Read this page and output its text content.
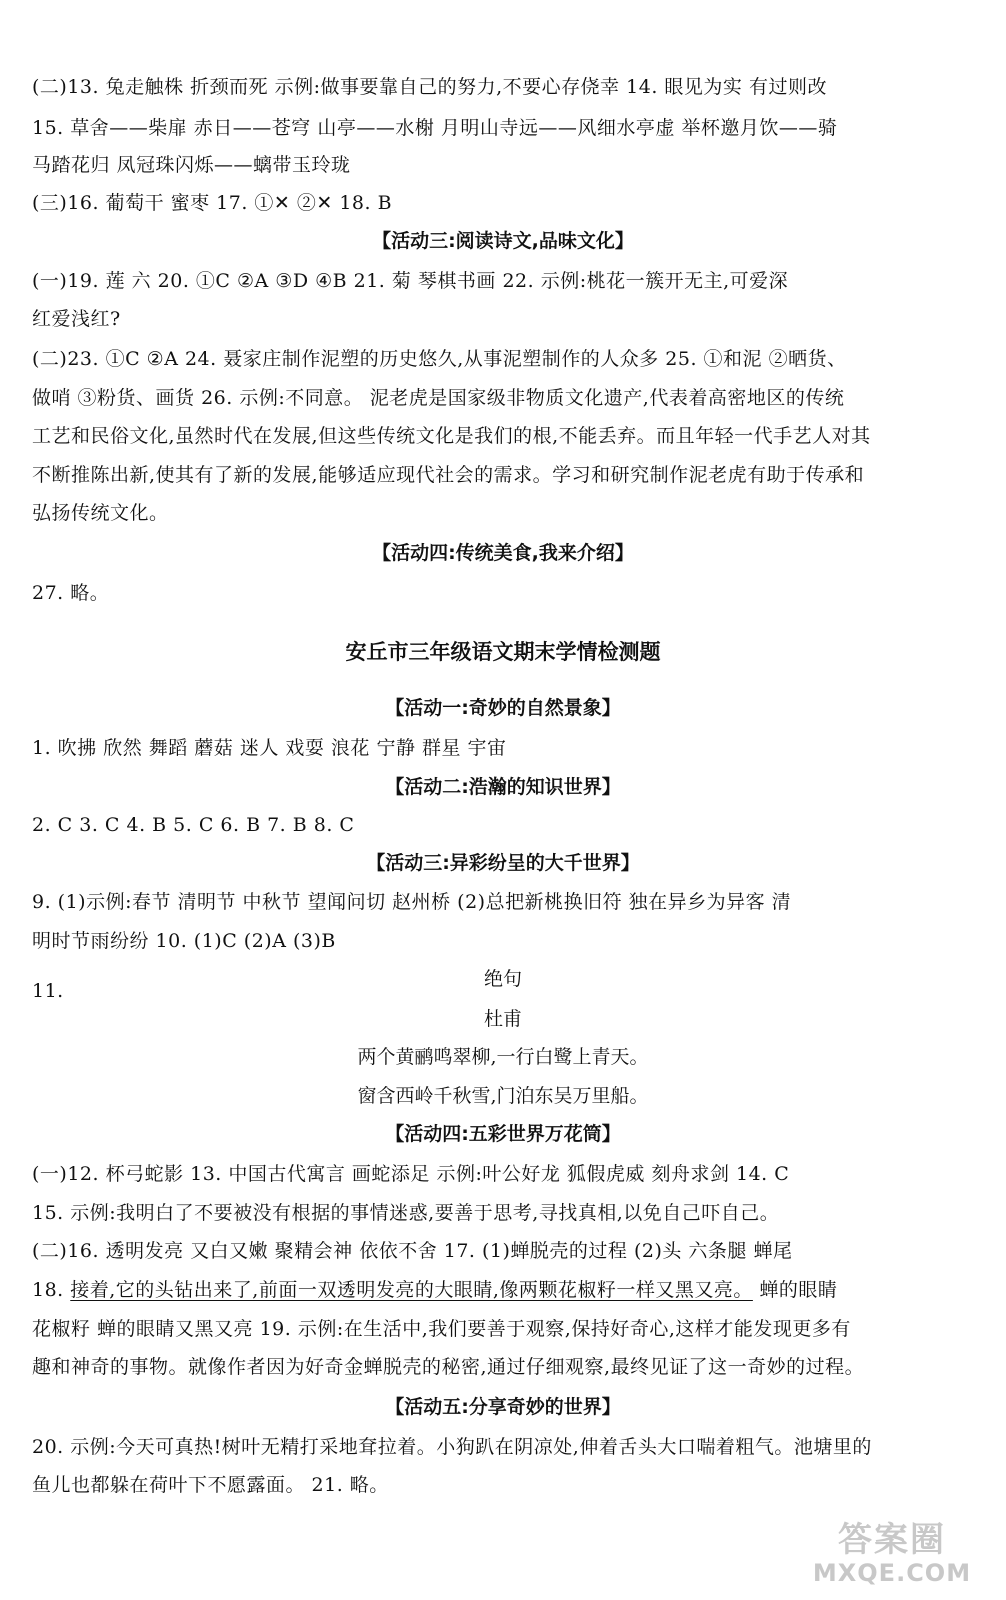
(二)13. 兔走触株 折颈而死 示例:做事要靠自己的努力,不要心存侥幸 14. 眼见为实 有过则改
15. 草舍——柴扉 赤日——苍穹 山亭——水榭 月明山寺远——风细水亭虚 举杯邀月饮——骑
马踏花归 凤冠珠闪烁——螭带玉玲珑
(三)16. 葡萄干 蜜枣 17. ①✕ ②✕ 18. B
【活动三:阅读诗文,品味文化】
(一)19. 莲 六 20. ①C ②A ③D ④B 21. 菊 琴棋书画 22. 示例:桃花一簇开无主,可爱深
红爱浅红?
(二)23. ①C ②A 24. 聂家庄制作泥塑的历史悠久,从事泥塑制作的人众多 25. ①和泥 ②晒货、
做哨 ③粉货、画货 26. 示例:不同意。 泥老虎是国家级非物质文化遗产,代表着高密地区的传统
工艺和民俗文化,虽然时代在发展,但这些传统文化是我们的根,不能丢弃。而且年轻一代手艺人对其
不断推陈出新,使其有了新的发展,能够适应现代社会的需求。学习和研究制作泥老虎有助于传承和
弘扬传统文化。
【活动四:传统美食,我来介绍】
27. 略。
安丘市三年级语文期末学情检测题
【活动一:奇妙的自然景象】
1. 吹拂 欣然 舞蹈 蘑菇 迷人 戏耍 浪花 宁静 群星 宇宙
【活动二:浩瀚的知识世界】
2. C 3. C 4. B 5. C 6. B 7. B 8. C
【活动三:异彩纷呈的大千世界】
9. (1)示例:春节 清明节 中秋节 望闻问切 赵州桥 (2)总把新桃换旧符 独在异乡为异客 清
明时节雨纷纷 10. (1)C (2)A (3)B
11.
绝句
杜甫
两个黄鹂鸣翠柳,一行白鹭上青天。
窗含西岭千秋雪,门泊东吴万里船。
【活动四:五彩世界万花筒】
(一)12. 杯弓蛇影 13. 中国古代寓言 画蛇添足 示例:叶公好龙 狐假虎威 刻舟求剑 14. C
15. 示例:我明白了不要被没有根据的事情迷惑,要善于思考,寻找真相,以免自己吓自己。
(二)16. 透明发亮 又白又嫩 聚精会神 依依不舍 17. (1)蝉脱壳的过程 (2)头 六条腿 蝉尾
18. 接着,它的头钻出来了,前面一双透明发亮的大眼睛,像两颗花椒籽一样又黑又亮。 蝉的眼睛
花椒籽 蝉的眼睛又黑又亮 19. 示例:在生活中,我们要善于观察,保持好奇心,这样才能发现更多有
趣和神奇的事物。就像作者因为好奇金蝉脱壳的秘密,通过仔细观察,最终见证了这一奇妙的过程。
【活动五:分享奇妙的世界】
20. 示例:今天可真热!树叶无精打采地耷拉着。小狗趴在阴凉处,伸着舌头大口喘着粗气。池塘里的
鱼儿也都躲在荷叶下不愿露面。 21. 略。
答案圈
MXQE.COM
